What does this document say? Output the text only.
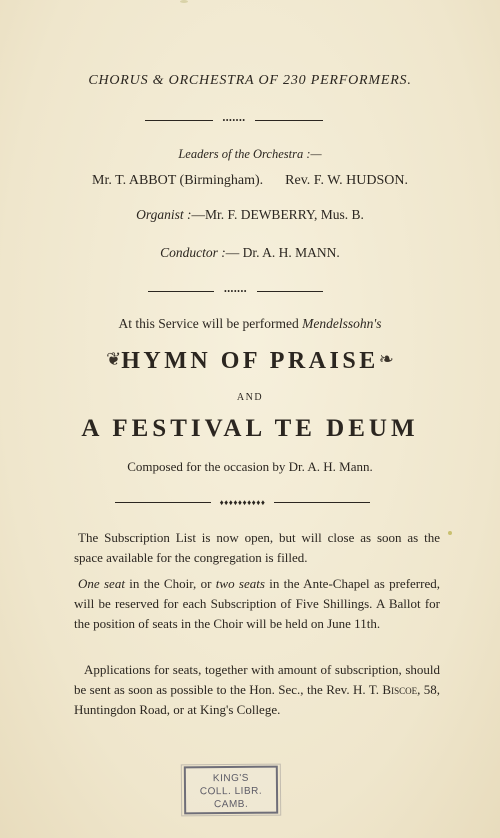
CHORUS & ORCHESTRA OF 230 PERFORMERS.
•••••••
Leaders of the Orchestra :—
Mr. T. ABBOT (Birmingham). Rev. F. W. HUDSON.
Organist :—Mr. F. DEWBERRY, Mus. B.
Conductor :— Dr. A. H. MANN.
•••••••
At this Service will be performed Mendelssohn's
❦HYMN OF PRAISE❧
AND
A FESTIVAL TE DEUM
Composed for the occasion by Dr. A. H. Mann.
♦♦♦♦♦♦♦♦♦♦
The Subscription List is now open, but will close as soon as the space available for the congregation is filled.
One seat in the Choir, or two seats in the Ante-Chapel as preferred, will be reserved for each Subscription of Five Shillings. A Ballot for the position of seats in the Choir will be held on June 11th.
Applications for seats, together with amount of subscription, should be sent as soon as possible to the Hon. Sec., the Rev. H. T. Biscoe, 58, Huntingdon Road, or at King's College.
KING'S
COLL. LIBR.
CAMB.
